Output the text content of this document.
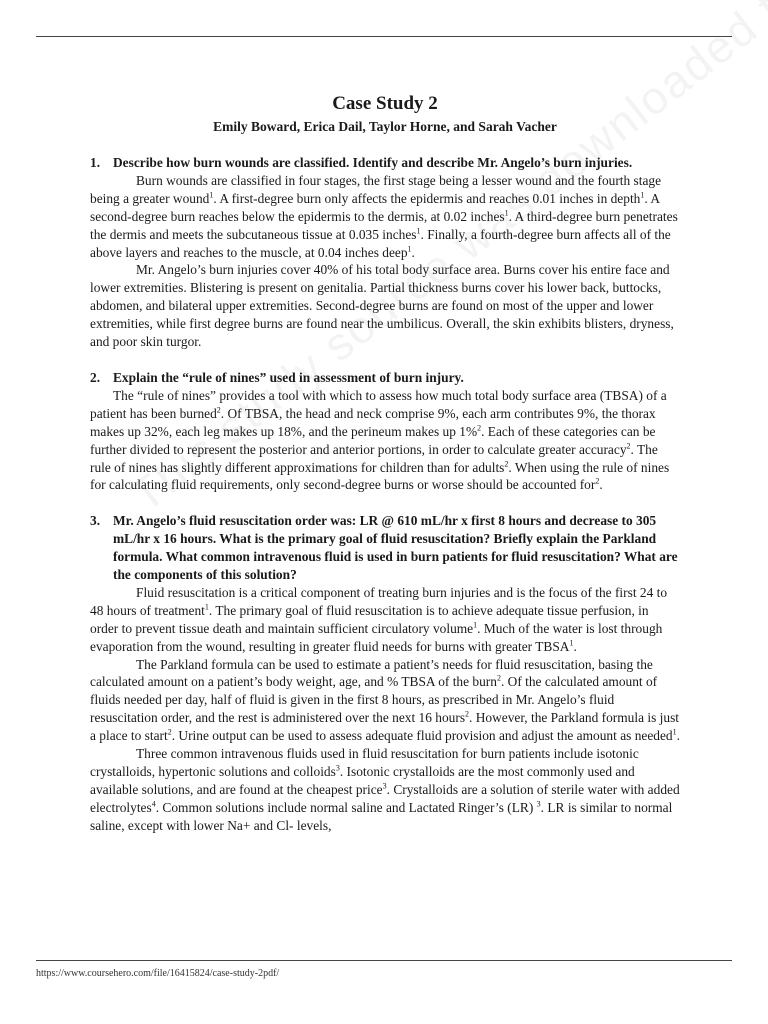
Case Study 2
Emily Boward, Erica Dail, Taylor Horne, and Sarah Vacher
1. Describe how burn wounds are classified. Identify and describe Mr. Angelo’s burn injuries.

Burn wounds are classified in four stages, the first stage being a lesser wound and the fourth stage being a greater wound$^1$. A first-degree burn only affects the epidermis and reaches 0.01 inches in depth$^1$. A second-degree burn reaches below the epidermis to the dermis, at 0.02 inches$^1$. A third-degree burn penetrates the dermis and meets the subcutaneous tissue at 0.035 inches$^1$. Finally, a fourth-degree burn affects all of the above layers and reaches to the muscle, at 0.04 inches deep$^1$.

Mr. Angelo’s burn injuries cover 40% of his total body surface area. Burns cover his entire face and lower extremities. Blistering is present on genitalia. Partial thickness burns cover his lower back, buttocks, abdomen, and bilateral upper extremities. Second-degree burns are found on most of the upper and lower extremities, while first degree burns are found near the umbilicus. Overall, the skin exhibits blisters, dryness, and poor skin turgor.

2. Explain the “rule of nines” used in assessment of burn injury.

The “rule of nines” provides a tool with which to assess how much total body surface area (TBSA) of a patient has been burned$^2$. Of TBSA, the head and neck comprise 9%, each arm contributes 9%, the thorax makes up 32%, each leg makes up 18%, and the perineum makes up 1%$^2$. Each of these categories can be further divided to represent the posterior and anterior portions, in order to calculate greater accuracy$^2$. The rule of nines has slightly different approximations for children than for adults$^2$. When using the rule of nines for calculating fluid requirements, only second-degree burns or worse should be accounted for$^2$.

3. Mr. Angelo’s fluid resuscitation order was: LR @ 610 mL/hr x first 8 hours and decrease to 305 mL/hr x 16 hours. What is the primary goal of fluid resuscitation? Briefly explain the Parkland formula. What common intravenous fluid is used in burn patients for fluid resuscitation? What are the components of this solution?

Fluid resuscitation is a critical component of treating burn injuries and is the focus of the first 24 to 48 hours of treatment$^1$. The primary goal of fluid resuscitation is to achieve adequate tissue perfusion, in order to prevent tissue death and maintain sufficient circulatory volume$^1$. Much of the water is lost through evaporation from the wound, resulting in greater fluid needs for burns with greater TBSA$^1$.

The Parkland formula can be used to estimate a patient’s needs for fluid resuscitation, basing the calculated amount on a patient’s body weight, age, and % TBSA of the burn$^2$. Of the calculated amount of fluids needed per day, half of fluid is given in the first 8 hours, as prescribed in Mr. Angelo’s fluid resuscitation order, and the rest is administered over the next 16 hours$^2$. However, the Parkland formula is just a place to start$^2$. Urine output can be used to assess adequate fluid provision and adjust the amount as needed$^1$.

Three common intravenous fluids used in fluid resuscitation for burn patients include isotonic crystalloids, hypertonic solutions and colloids$^3$. Isotonic crystalloids are the most commonly used and available solutions, and are found at the cheapest price$^3$. Crystalloids are a solution of sterile water with added electrolytes$^4$. Common solutions include normal saline and Lactated Ringer’s (LR) $^3$. LR is similar to normal saline, except with lower Na+ and Cl- levels,

https://www.coursehero.com/file/16415824/case-study-2pdf/
